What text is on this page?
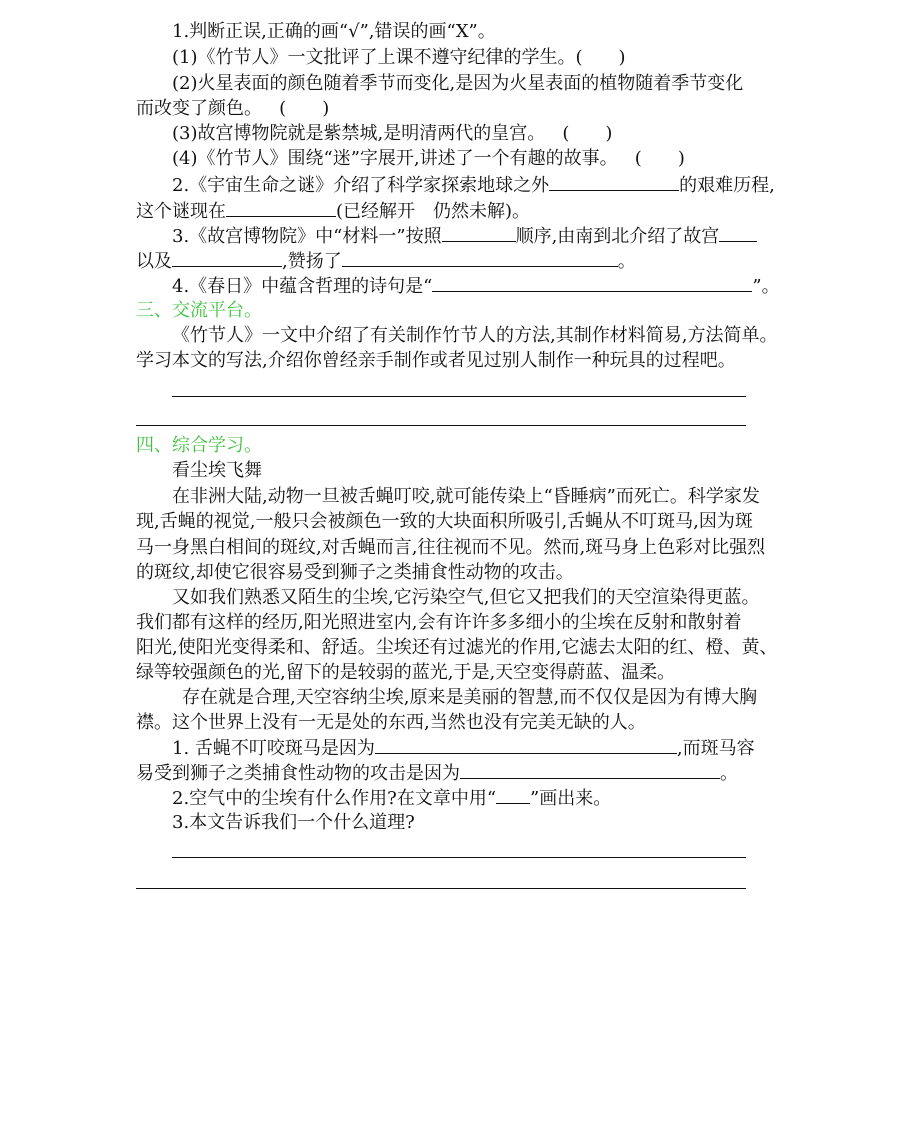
1.判断正误,正确的画“√”,错误的画“X”。
(1)《竹节人》一文批评了上课不遵守纪律的学生。(　　)
(2)火星表面的颜色随着季节而变化,是因为火星表面的植物随着季节变化
而改变了颜色。 (　　)
(3)故宫博物院就是紫禁城,是明清两代的皇宫。 (　　)
(4)《竹节人》围绕“迷”字展开,讲述了一个有趣的故事。 (　　)
2.《宇宙生命之谜》介绍了科学家探索地球之外	的艰难历程,
这个谜现在	(已经解开　仍然未解)。
3.《故宫博物院》中“材料一”按照	顺序,由南到北介绍了故宫
以及	,赞扬了	。
4.《春日》中蕴含哲理的诗句是“	”。
三、交流平台。
《竹节人》一文中介绍了有关制作竹节人的方法,其制作材料简易,方法简单。
学习本文的写法,介绍你曾经亲手制作或者见过别人制作一种玩具的过程吧。
四、综合学习。
看尘埃飞舞
在非洲大陆,动物一旦被舌蝇叮咬,就可能传染上“昏睡病”而死亡。科学家发
现,舌蝇的视觉,一般只会被颜色一致的大块面积所吸引,舌蝇从不叮斑马,因为斑
马一身黑白相间的斑纹,对舌蝇而言,往往视而不见。然而,斑马身上色彩对比强烈
的斑纹,却使它很容易受到狮子之类捕食性动物的攻击。
又如我们熟悉又陌生的尘埃,它污染空气,但它又把我们的天空渲染得更蓝。
我们都有这样的经历,阳光照进室内,会有许许多多细小的尘埃在反射和散射着
阳光,使阳光变得柔和、舒适。尘埃还有过滤光的作用,它滤去太阳的红、橙、黄、
绿等较强颜色的光,留下的是较弱的蓝光,于是,天空变得蔚蓝、温柔。
存在就是合理,天空容纳尘埃,原来是美丽的智慧,而不仅仅是因为有博大胸
襟。这个世界上没有一无是处的东西,当然也没有完美无缺的人。
1. 舌蝇不叮咬斑马是因为	,而斑马容
易受到狮子之类捕食性动物的攻击是因为	。
2.空气中的尘埃有什么作用?在文章中用“ ”画出来。
3.本文告诉我们一个什么道理?
